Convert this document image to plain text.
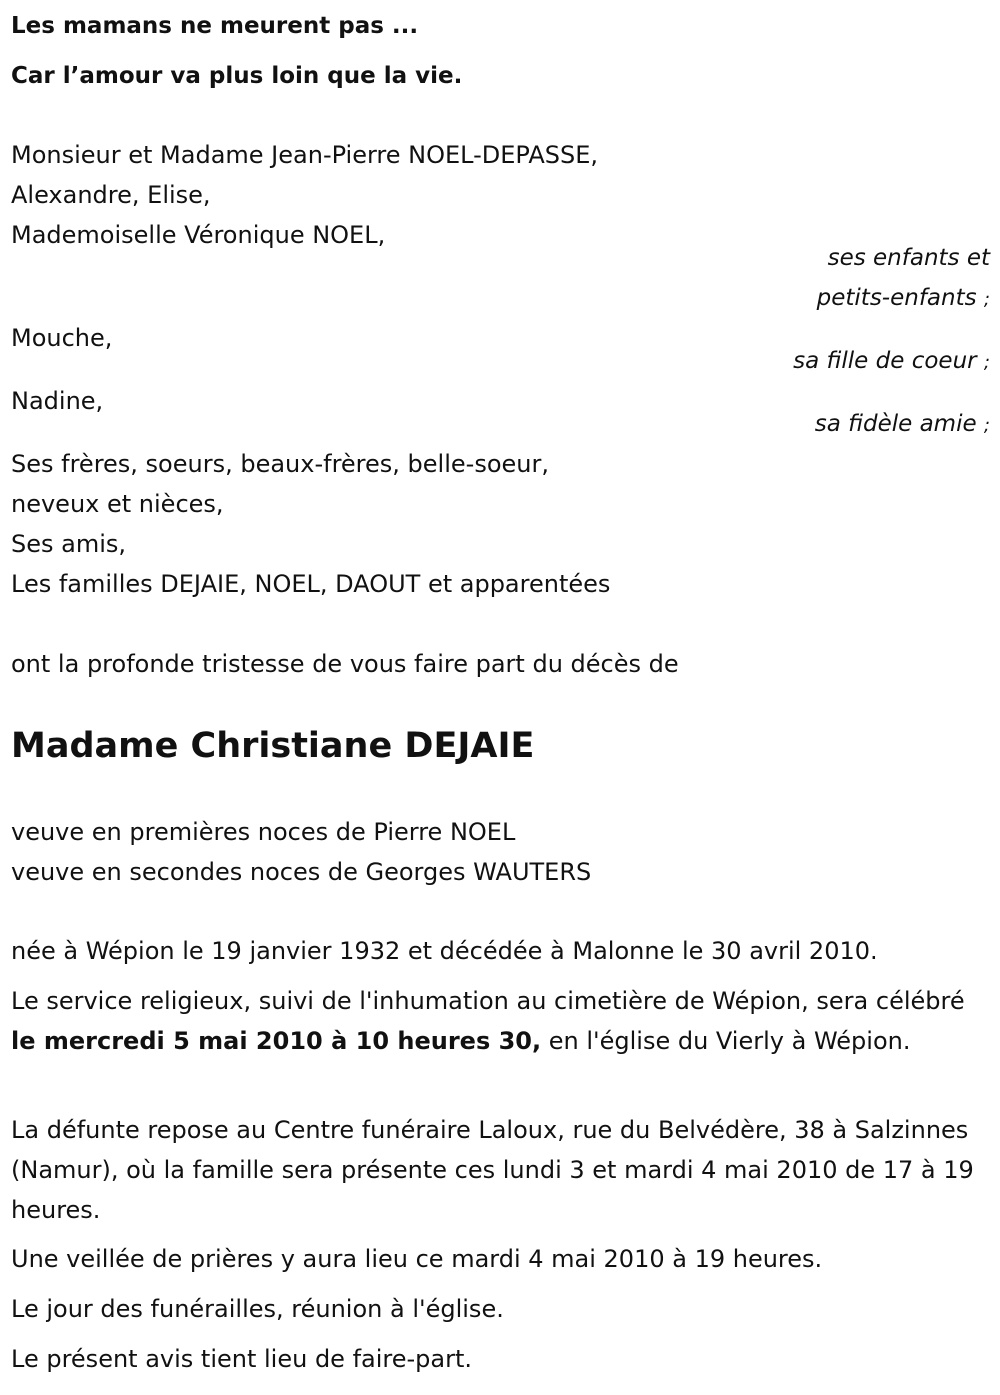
Les mamans ne meurent pas ...
Car l’amour va plus loin que la vie.
Monsieur et Madame Jean-Pierre NOEL-DEPASSE,
Alexandre, Elise,
Mademoiselle Véronique NOEL,
ses enfants et
petits-enfants ;
Mouche,
sa fille de coeur ;
Nadine,
sa fidèle amie ;
Ses frères, soeurs, beaux-frères, belle-soeur,
neveux et nièces,
Ses amis,
Les familles DEJAIE, NOEL, DAOUT et apparentées
ont la profonde tristesse de vous faire part du décès de
Madame Christiane DEJAIE
veuve en premières noces de Pierre NOEL
veuve en secondes noces de Georges WAUTERS
née à Wépion le 19 janvier 1932 et décédée à Malonne le 30 avril 2010.
Le service religieux, suivi de l'inhumation au cimetière de Wépion, sera célébré le mercredi 5 mai 2010 à 10 heures 30, en l'église du Vierly à Wépion.
La défunte repose au Centre funéraire Laloux, rue du Belvédère, 38 à Salzinnes (Namur), où la famille sera présente ces lundi 3 et mardi 4 mai 2010 de 17 à 19 heures.
Une veillée de prières y aura lieu ce mardi 4 mai 2010 à 19 heures.
Le jour des funérailles, réunion à l'église.
Le présent avis tient lieu de faire-part.
